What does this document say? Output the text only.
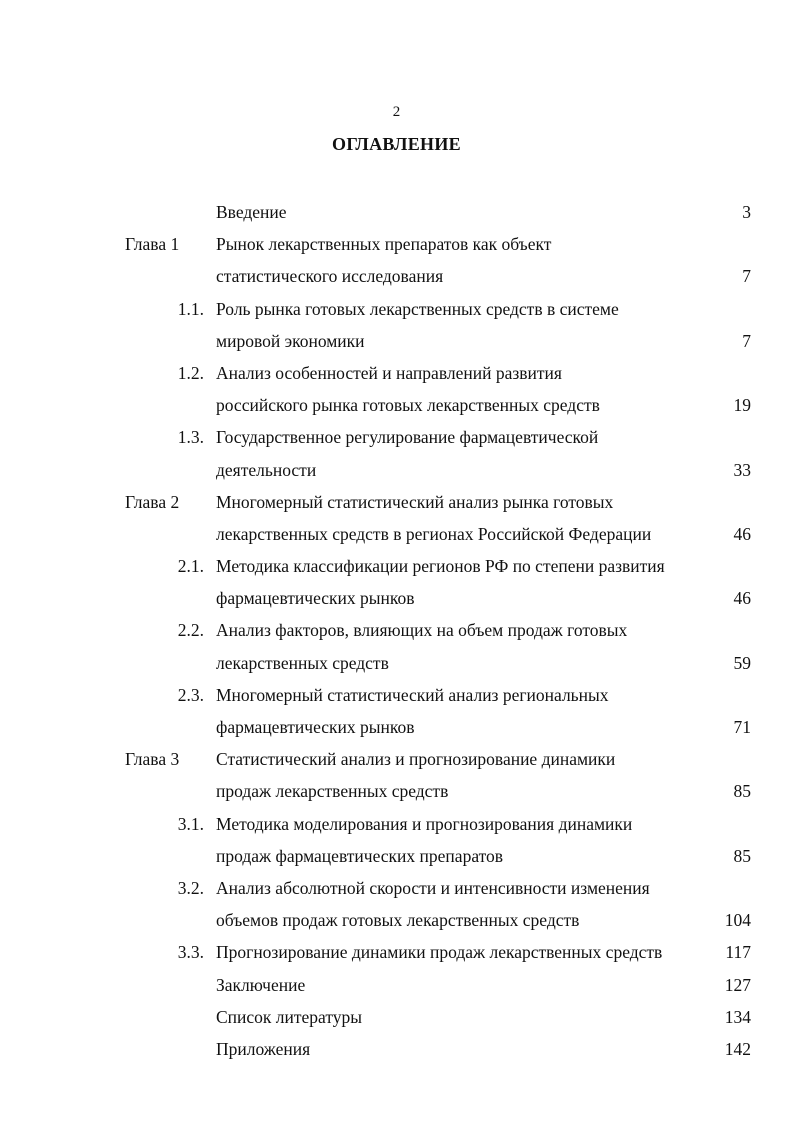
2
ОГЛАВЛЕНИЕ
Введение	3
Глава 1 Рынок лекарственных препаратов как объект
статистического исследования	7
1.1. Роль рынка готовых лекарственных средств в системе
мировой экономики	7
1.2. Анализ особенностей и направлений развития
российского рынка готовых лекарственных средств	19
1.3. Государственное регулирование фармацевтической
деятельности	33
Глава 2 Многомерный статистический анализ рынка готовых
лекарственных средств в регионах Российской Федерации	46
2.1. Методика классификации регионов РФ по степени развития
фармацевтических рынков	46
2.2. Анализ факторов, влияющих на объем продаж готовых
лекарственных средств	59
2.3. Многомерный статистический анализ региональных
фармацевтических рынков	71
Глава 3 Статистический анализ и прогнозирование динамики
продаж лекарственных средств	85
3.1. Методика моделирования и прогнозирования динамики
продаж фармацевтических препаратов	85
3.2. Анализ абсолютной скорости и интенсивности изменения
объемов продаж готовых лекарственных средств	104
3.3. Прогнозирование динамики продаж лекарственных средств	117
Заключение	127
Список литературы	134
Приложения	142
